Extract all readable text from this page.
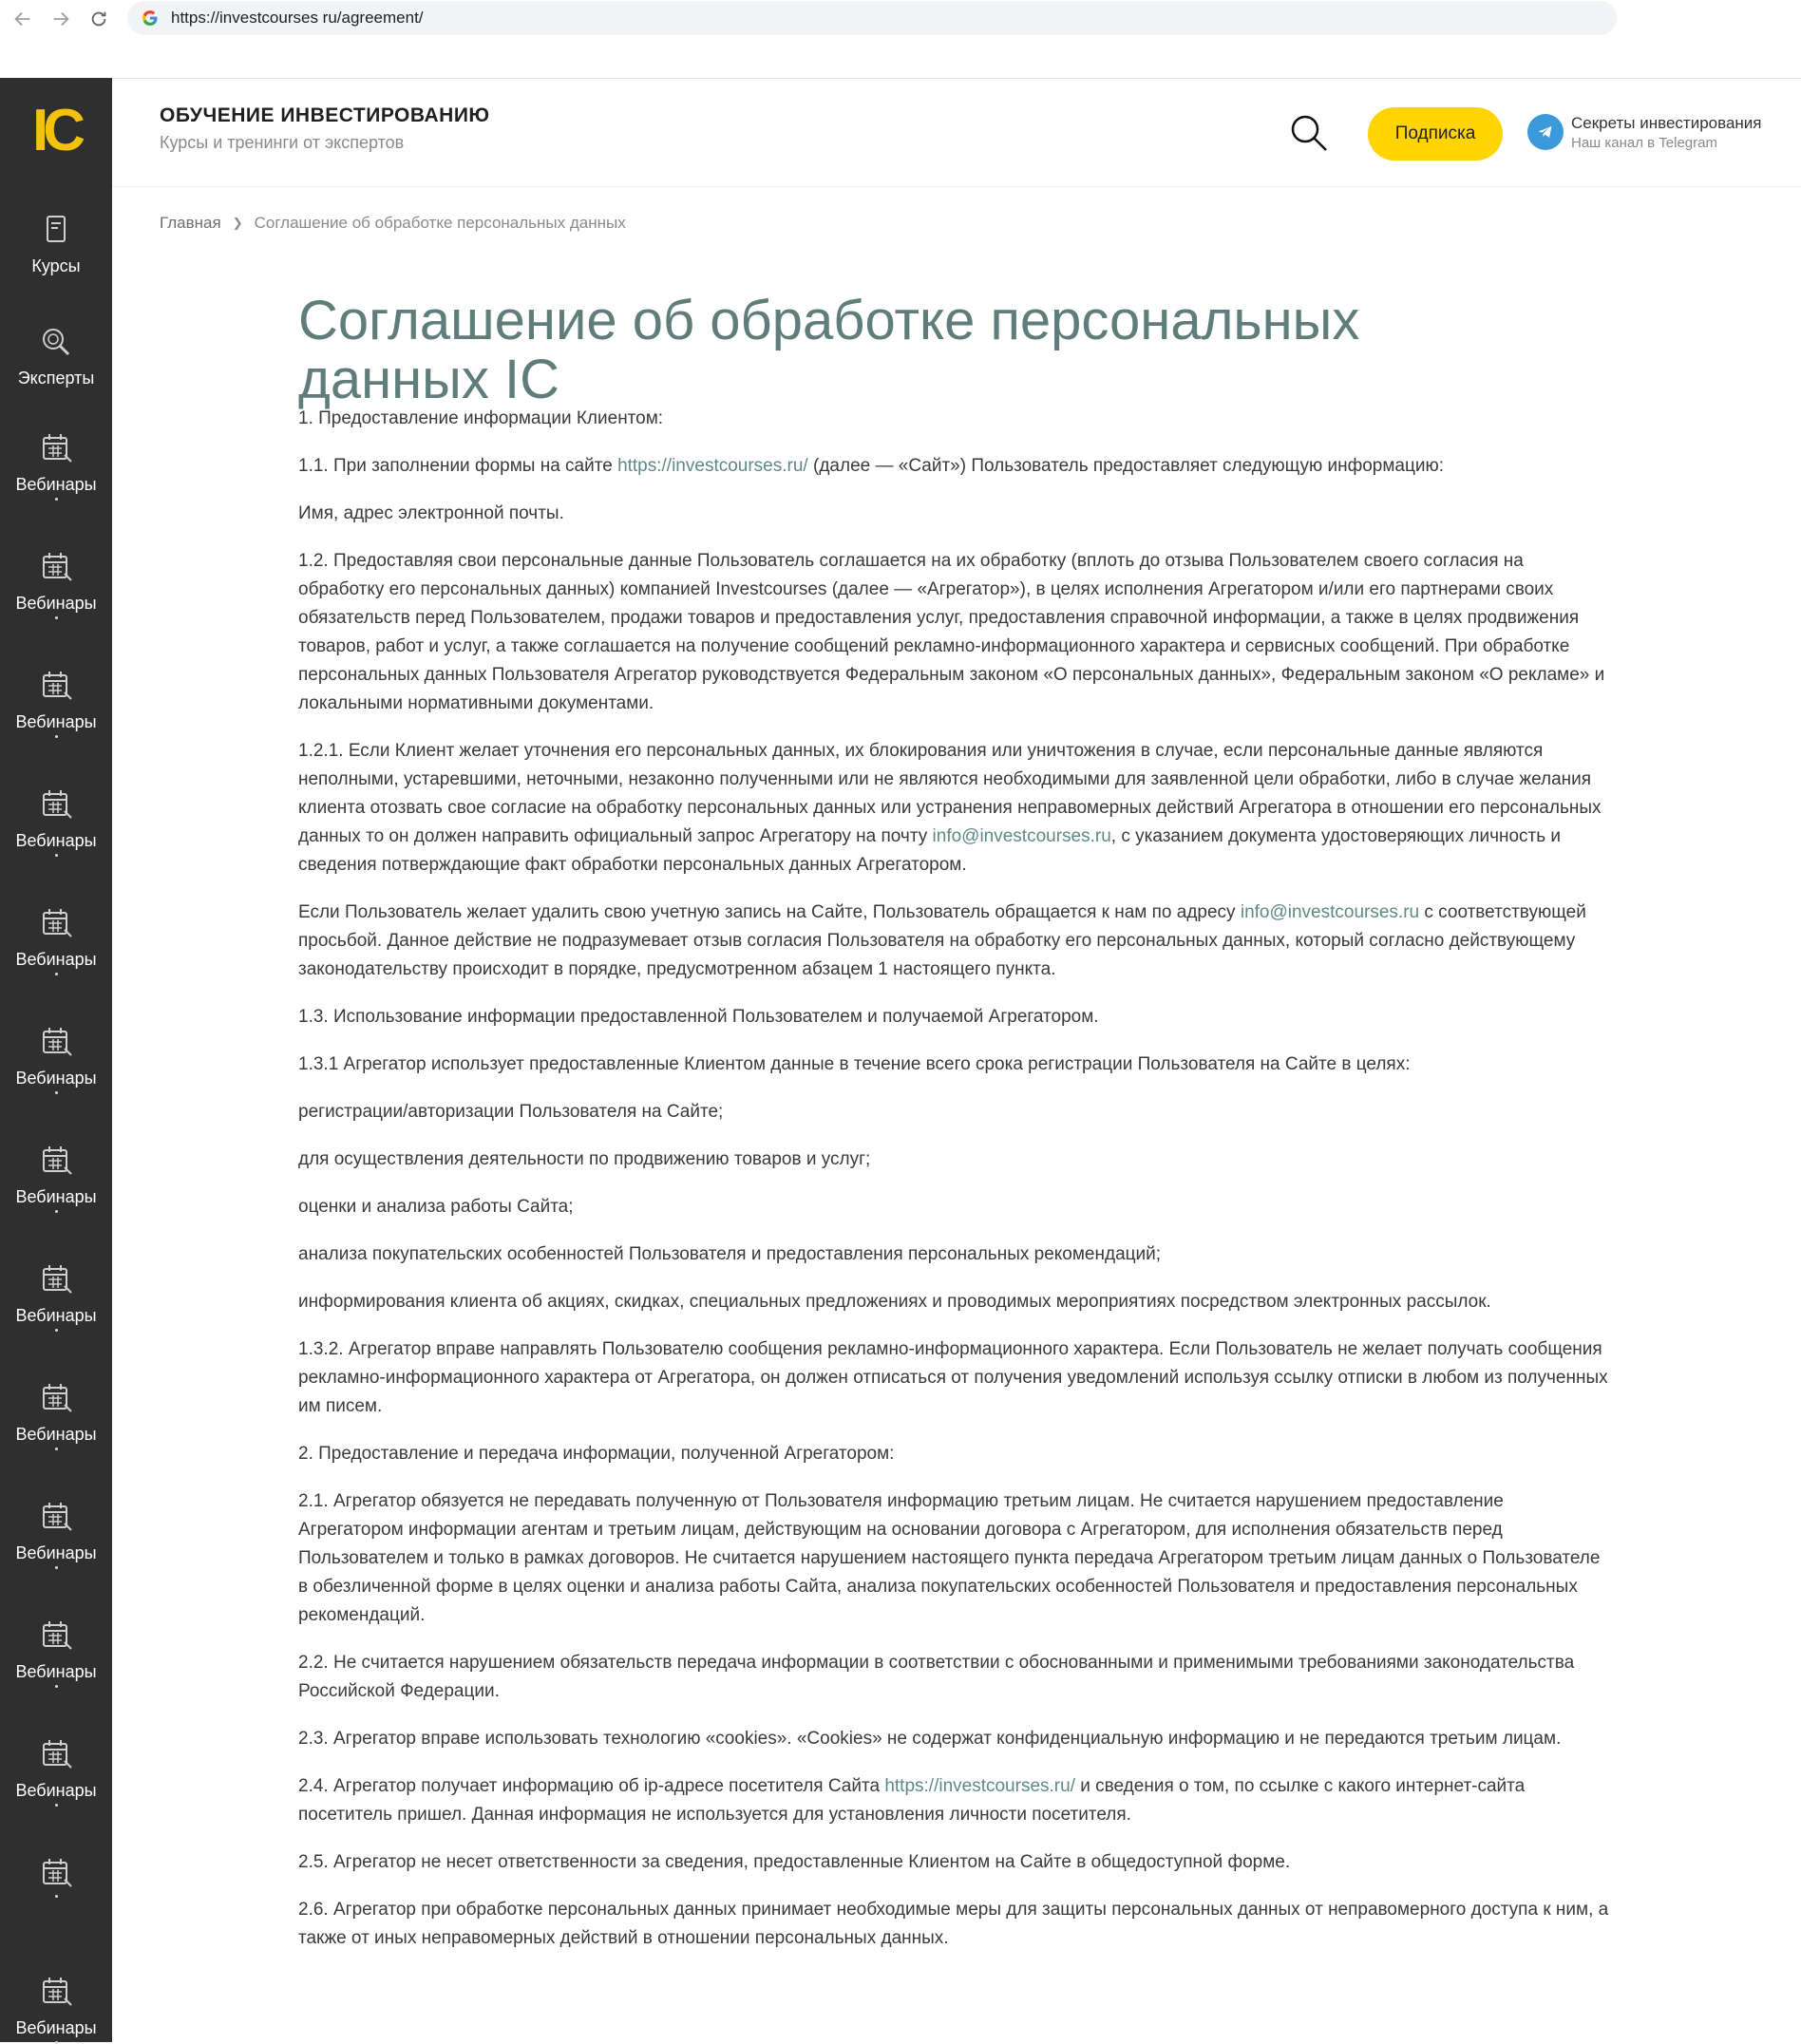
https://investcourses ru/agreement/
IC
Курсы
Эксперты
Вебинары
Вебинары
Вебинары
Вебинары
Вебинары
Вебинары
Вебинары
Вебинары
Вебинары
Вебинары
Вебинары
Вебинары
Вебинары
ОБУЧЕНИЕ ИНВЕСТИРОВАНИЮ
Курсы и тренинги от экспертов	Подписка
Секреты инвестирования
Наш канал в Telegram
Главная ❯ Соглашение об обработке персональных данных
Соглашение об обработке персональных
данных IC

1. Предоставление информации Клиентом:

1.1. При заполнении формы на сайте https://investcourses.ru/ (далее — «Сайт») Пользователь предоставляет следующую информацию:

Имя, адрес электронной почты.

1.2. Предоставляя свои персональные данные Пользователь соглашается на их обработку (вплоть до отзыва Пользователем своего согласия на обработку его персональных данных) компанией Investcourses (далее — «Агрегатор»), в целях исполнения Агрегатором и/или его партнерами своих обязательств перед Пользователем, продажи товаров и предоставления услуг, предоставления справочной информации, а также в целях продвижения товаров, работ и услуг, а также соглашается на получение сообщений рекламно-информационного характера и сервисных сообщений. При обработке персональных данных Пользователя Агрегатор руководствуется Федеральным законом «О персональных данных», Федеральным законом «О рекламе» и локальными нормативными документами.

1.2.1. Если Клиент желает уточнения его персональных данных, их блокирования или уничтожения в случае, если персональные данные являются неполными, устаревшими, неточными, незаконно полученными или не являются необходимыми для заявленной цели обработки, либо в случае желания клиента отозвать свое согласие на обработку персональных данных или устранения неправомерных действий Агрегатора в отношении его персональных данных то он должен направить официальный запрос Агрегатору на почту info@investcourses.ru, с указанием документа удостоверяющих личность и сведения потверждающие факт обработки персональных данных Агрегатором.

Если Пользователь желает удалить свою учетную запись на Сайте, Пользователь обращается к нам по адресу info@investcourses.ru с соответствующей просьбой. Данное действие не подразумевает отзыв согласия Пользователя на обработку его персональных данных, который согласно действующему законодательству происходит в порядке, предусмотренном абзацем 1 настоящего пункта.

1.3. Использование информации предоставленной Пользователем и получаемой Агрегатором.

1.3.1 Агрегатор использует предоставленные Клиентом данные в течение всего срока регистрации Пользователя на Сайте в целях:

регистрации/авторизации Пользователя на Сайте;

для осуществления деятельности по продвижению товаров и услуг;

оценки и анализа работы Сайта;

анализа покупательских особенностей Пользователя и предоставления персональных рекомендаций;

информирования клиента об акциях, скидках, специальных предложениях и проводимых мероприятиях посредством электронных рассылок.

1.3.2. Агрегатор вправе направлять Пользователю сообщения рекламно-информационного характера. Если Пользователь не желает получать сообщения рекламно-информационного характера от Агрегатора, он должен отписаться от получения уведомлений используя ссылку отписки в любом из полученных им писем.

2. Предоставление и передача информации, полученной Агрегатором:

2.1. Агрегатор обязуется не передавать полученную от Пользователя информацию третьим лицам. Не считается нарушением предоставление Агрегатором информации агентам и третьим лицам, действующим на основании договора с Агрегатором, для исполнения обязательств перед Пользователем и только в рамках договоров. Не считается нарушением настоящего пункта передача Агрегатором третьим лицам данных о Пользователе в обезличенной форме в целях оценки и анализа работы Сайта, анализа покупательских особенностей Пользователя и предоставления персональных рекомендаций.

2.2. Не считается нарушением обязательств передача информации в соответствии с обоснованными и применимыми требованиями законодательства Российской Федерации.

2.3. Агрегатор вправе использовать технологию «cookies». «Cookies» не содержат конфиденциальную информацию и не передаются третьим лицам.

2.4. Агрегатор получает информацию об ip-адресе посетителя Сайта https://investcourses.ru/ и сведения о том, по ссылке с какого интернет-сайта посетитель пришел. Данная информация не используется для установления личности посетителя.

2.5. Агрегатор не несет ответственности за сведения, предоставленные Клиентом на Сайте в общедоступной форме.

2.6. Агрегатор при обработке персональных данных принимает необходимые меры для защиты персональных данных от неправомерного доступа к ним, а также от иных неправомерных действий в отношении персональных данных.
